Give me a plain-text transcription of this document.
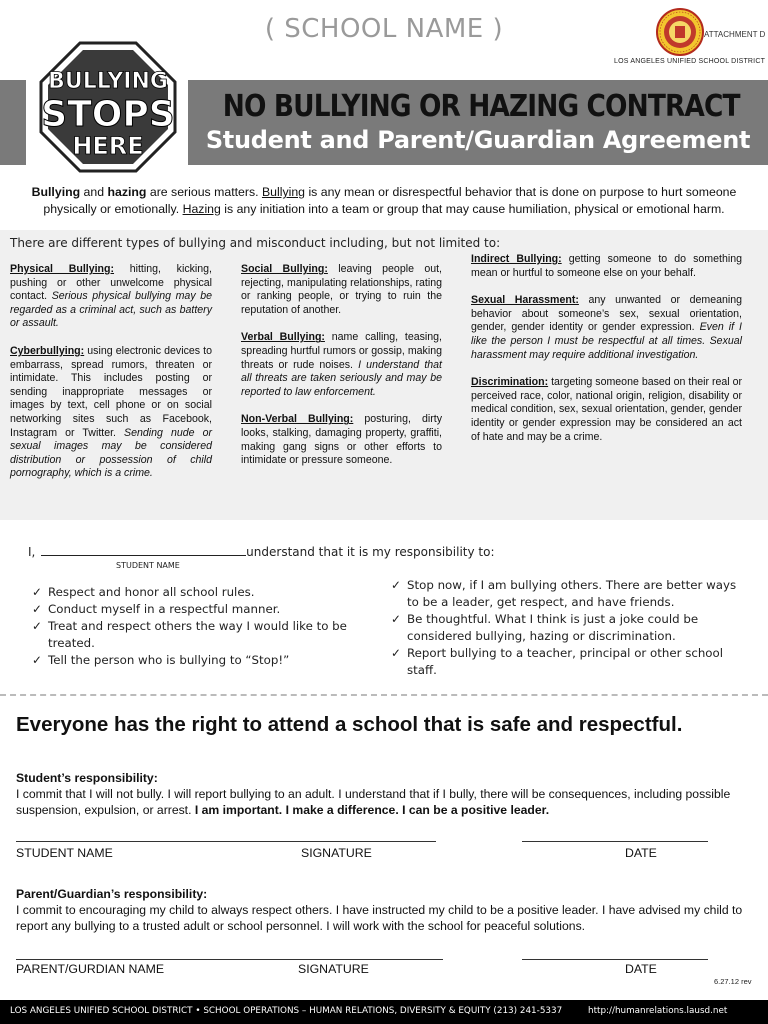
( SCHOOL NAME )	ATTACHMENT D
LOS ANGELES UNIFIED SCHOOL DISTRICT
BULLYING
STOPS
HERE
NO BULLYING OR HAZING CONTRACT
Student and Parent/Guardian Agreement
Bullying and hazing are serious matters. Bullying is any mean or disrespectful behavior that is done on purpose to hurt someone physically or emotionally. Hazing is any initiation into a team or group that may cause humiliation, physical or emotional harm.
There are different types of bullying and misconduct including, but not limited to:

Physical Bullying: hitting, kicking, pushing or other unwelcome physical contact. Serious physical bullying may be regarded as a criminal act, such as battery or assault.

Cyberbullying: using electronic devices to embarrass, spread rumors, threaten or intimidate. This includes posting or sending inappropriate messages or images by text, cell phone or on social networking sites such as Facebook, Instagram or Twitter. Sending nude or sexual images may be considered distribution or possession of child pornography, which is a crime.

Social Bullying: leaving people out, rejecting, manipulating relationships, rating or ranking people, or trying to ruin the reputation of another.

Verbal Bullying: name calling, teasing, spreading hurtful rumors or gossip, making threats or rude noises. I understand that all threats are taken seriously and may be reported to law enforcement.

Non-Verbal Bullying: posturing, dirty looks, stalking, damaging property, graffiti, making gang signs or other efforts to intimidate or pressure someone.

Indirect Bullying: getting someone to do something mean or hurtful to someone else on your behalf.

Sexual Harassment: any unwanted or demeaning behavior about someone’s sex, sexual orientation, gender, gender identity or gender expression. Even if I like the person I must be respectful at all times. Sexual harassment may require additional investigation.

Discrimination: targeting someone based on their real or perceived race, color, national origin, religion, disability or medical condition, sex, sexual orientation, gender, gender identity or gender expression may be considered an act of hate and may be a crime.

I,	understand that it is my responsibility to:
STUDENT NAME
✓ Respect and honor all school rules.
✓ Conduct myself in a respectful manner.
✓ Treat and respect others the way I would like to be treated.
✓ Tell the person who is bullying to “Stop!”
✓ Stop now, if I am bullying others. There are better ways to be a leader, get respect, and have friends.
✓ Be thoughtful. What I think is just a joke could be considered bullying, hazing or discrimination.
✓ Report bullying to a teacher, principal or other school staff.
Everyone has the right to attend a school that is safe and respectful.
Student’s responsibility:
I commit that I will not bully. I will report bullying to an adult. I understand that if I bully, there will be consequences, including possible suspension, expulsion, or arrest. I am important. I make a difference. I can be a positive leader.
STUDENT NAME	SIGNATURE	DATE
Parent/Guardian’s responsibility:
I commit to encouraging my child to always respect others. I have instructed my child to be a positive leader. I have advised my child to report any bullying to a trusted adult or school personnel. I will work with the school for peaceful solutions.
PARENT/GURDIAN NAME	SIGNATURE	DATE
6.27.12 rev
LOS ANGELES UNIFIED SCHOOL DISTRICT • SCHOOL OPERATIONS – HUMAN RELATIONS, DIVERSITY & EQUITY (213) 241-5337	http://humanrelations.lausd.net
